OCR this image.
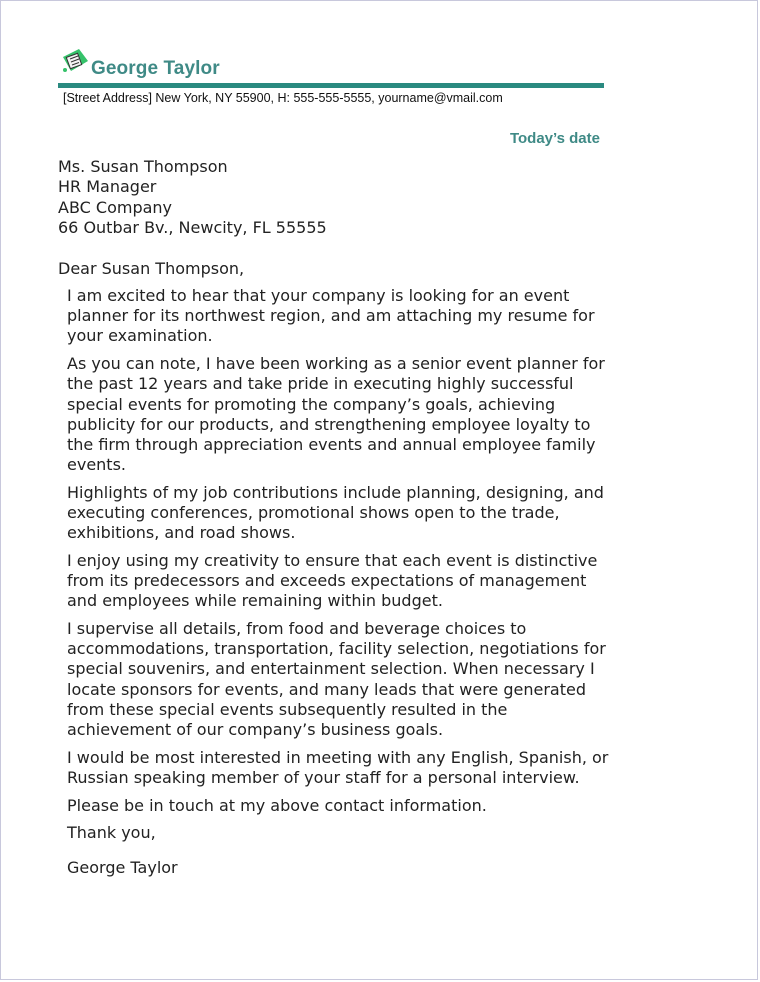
George Taylor
[Street Address] New York, NY 55900, H: 555-555-5555, yourname@vmail.com
Today’s date
Ms. Susan Thompson
HR Manager
ABC Company
66 Outbar Bv., Newcity, FL 55555
Dear Susan Thompson,

I am excited to hear that your company is looking for an event planner for its northwest region, and am attaching my resume for your examination.

As you can note, I have been working as a senior event planner for the past 12 years and take pride in executing highly successful special events for promoting the company’s goals, achieving publicity for our products, and strengthening employee loyalty to the firm through appreciation events and annual employee family events.

Highlights of my job contributions include planning, designing, and executing conferences, promotional shows open to the trade, exhibitions, and road shows.

I enjoy using my creativity to ensure that each event is distinctive from its predecessors and exceeds expectations of management and employees while remaining within budget.

I supervise all details, from food and beverage choices to accommodations, transportation, facility selection, negotiations for special souvenirs, and entertainment selection. When necessary I locate sponsors for events, and many leads that were generated from these special events subsequently resulted in the achievement of our company’s business goals.

I would be most interested in meeting with any English, Spanish, or Russian speaking member of your staff for a personal interview.

Please be in touch at my above contact information.

Thank you,
George Taylor
